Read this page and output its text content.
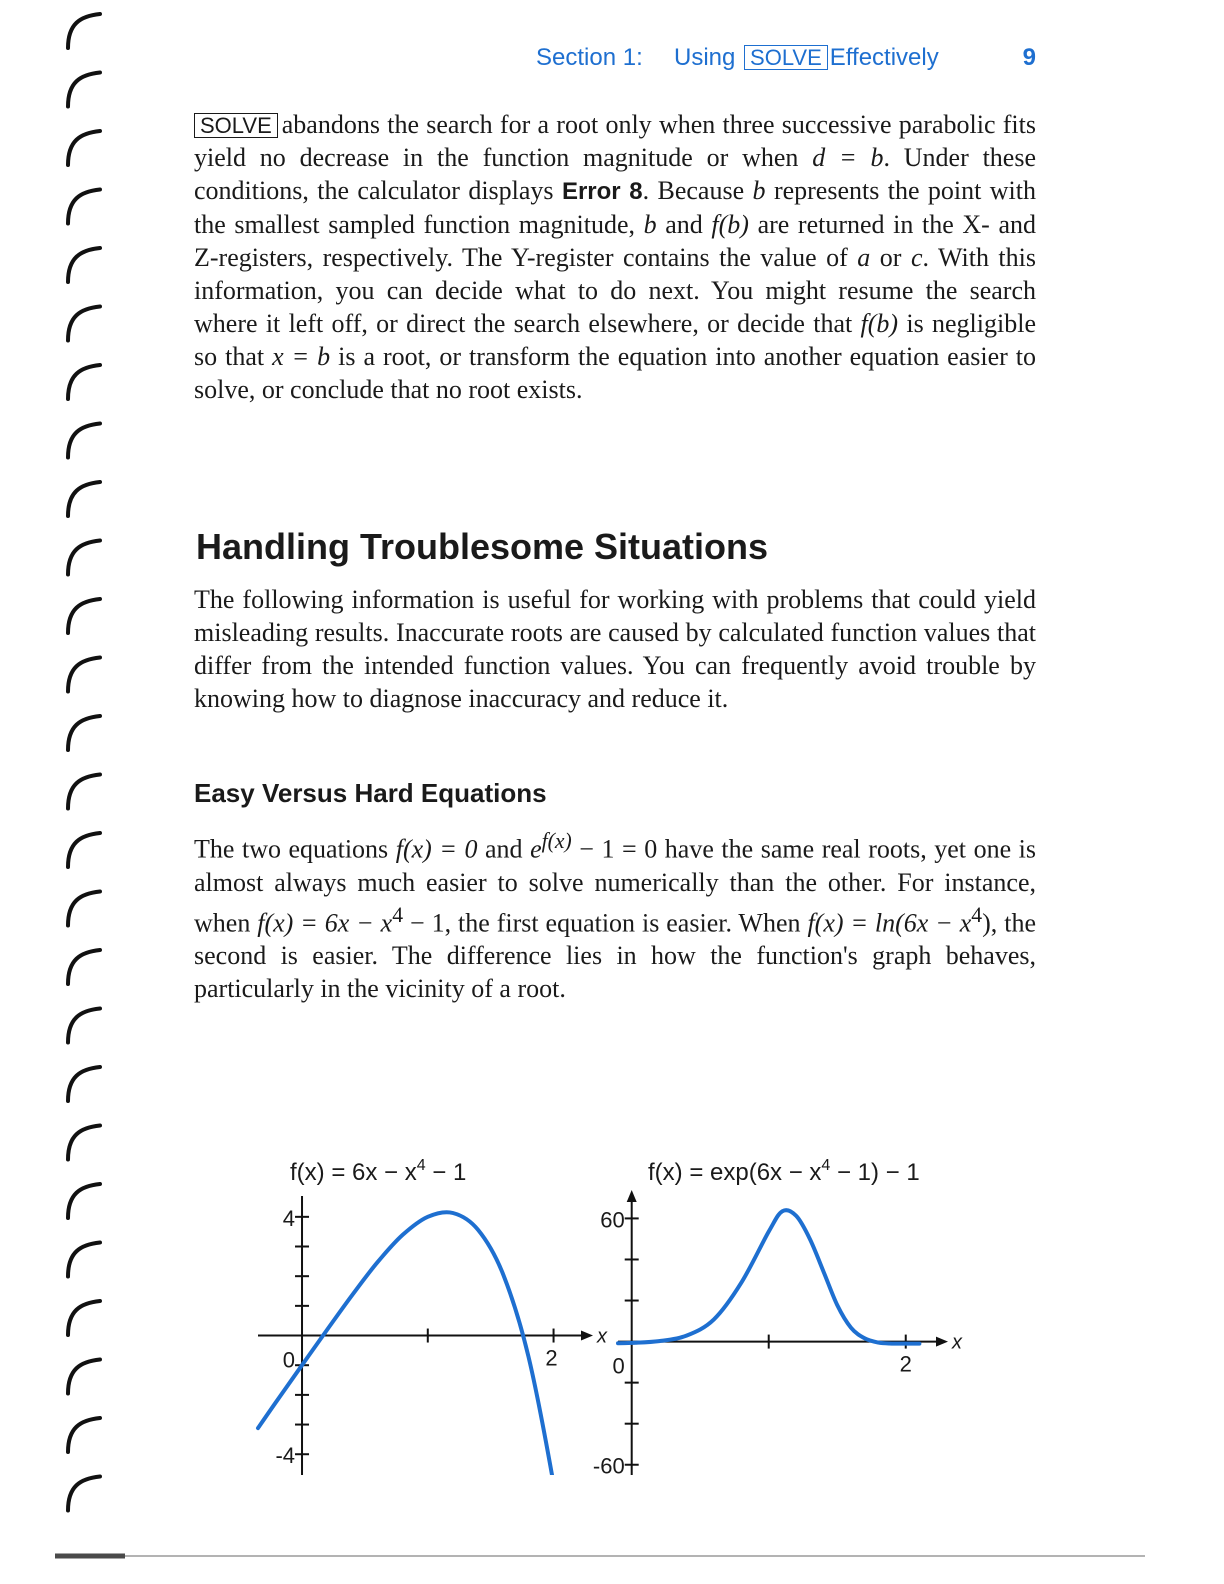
Section 1: Using SOLVE Effectively	9

SOLVE abandons the search for a root only when three successive parabolic fits yield no decrease in the function magnitude or when d = b. Under these conditions, the calculator displays Error 8. Because b represents the point with the smallest sampled function magnitude, b and f(b) are returned in the X- and Z-registers, respectively. The Y-register contains the value of a or c. With this information, you can decide what to do next. You might resume the search where it left off, or direct the search elsewhere, or decide that f(b) is negligible so that x = b is a root, or transform the equation into another equation easier to solve, or conclude that no root exists.

Handling Troublesome Situations

The following information is useful for working with problems that could yield misleading results. Inaccurate roots are caused by calculated function values that differ from the intended function values. You can frequently avoid trouble by knowing how to diagnose inaccuracy and reduce it.

Easy Versus Hard Equations

The two equations f(x) = 0 and $e^{f(x)} - 1 = 0$ have the same real roots, yet one is almost always much easier to solve numerically than the other. For instance, when $f(x) = 6x - x^4 - 1$, the first equation is easier. When $f(x) = \ln(6x - x^4)$, the second is easier. The difference lies in how the function's graph behaves, particularly in the vicinity of a root.

$f(x) = 6x - x^4 - 1$
4
0
-4
2
x
$f(x) = \exp(6x - x^4 - 1) - 1$
60
0
-60
2
x
